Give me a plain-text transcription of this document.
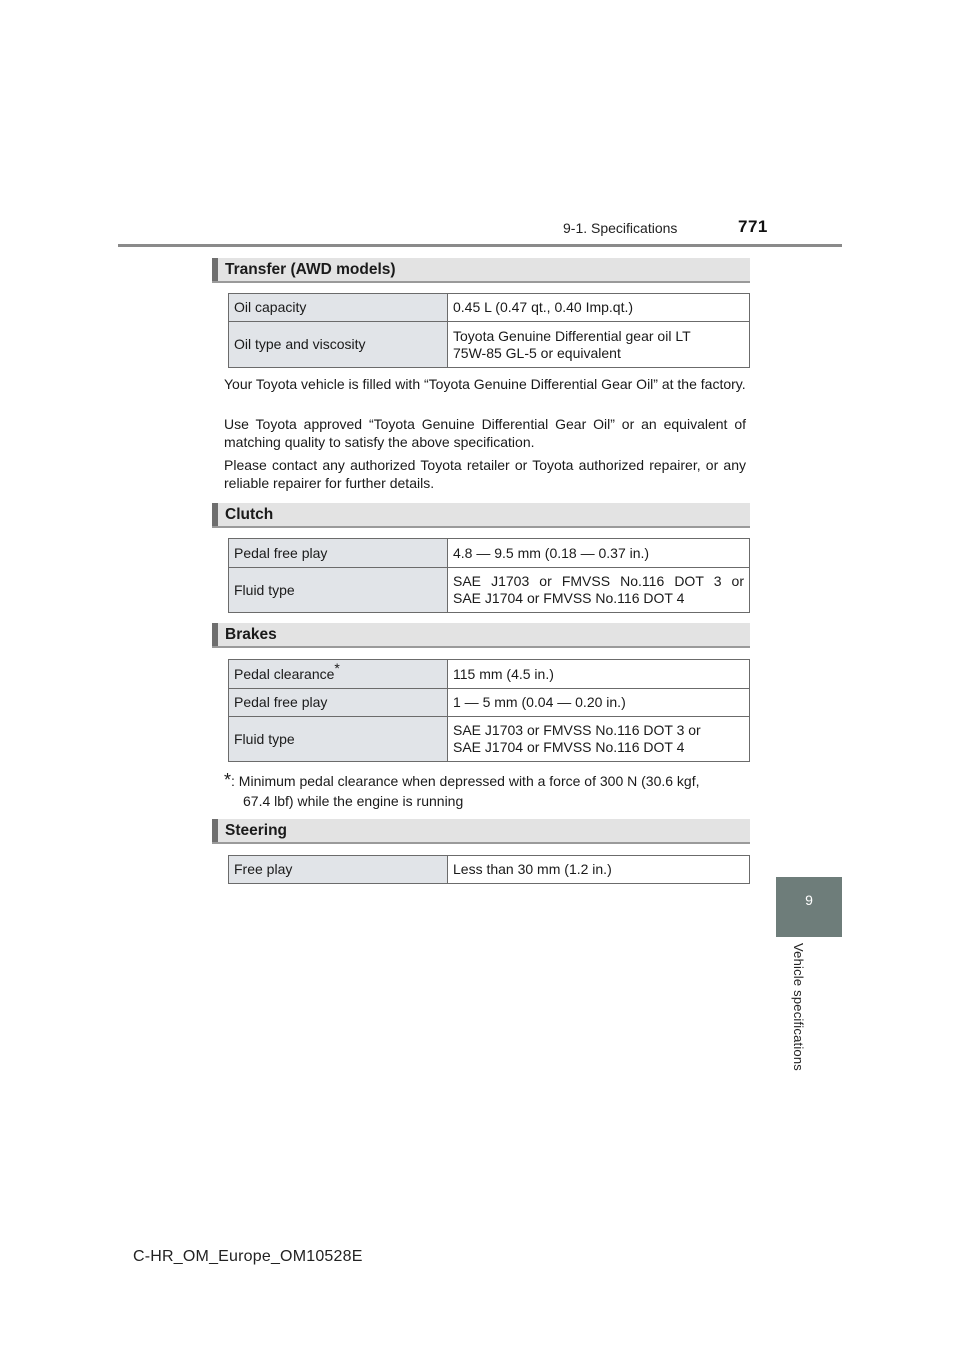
9-1. Specifications	771
9
Vehicle specifications
Transfer (AWD models)
Oil capacity	0.45 L (0.47 qt., 0.40 Imp.qt.)
Oil type and viscosity	Toyota Genuine Differential gear oil LT
75W-85 GL-5 or equivalent

Your Toyota vehicle is filled with “Toyota Genuine Differential Gear Oil” at the factory.

Use Toyota approved “Toyota Genuine Differential Gear Oil” or an equivalent of matching quality to satisfy the above specification.

Please contact any authorized Toyota retailer or Toyota authorized repairer, or any reliable repairer for further details.

Clutch
Pedal free play	4.8 — 9.5 mm (0.18 — 0.37 in.)
Fluid type	SAE J1703 or FMVSS No.116 DOT 3 or
SAE J1704 or FMVSS No.116 DOT 4
Brakes
Pedal clearance*	115 mm (4.5 in.)
Pedal free play	1 — 5 mm (0.04 — 0.20 in.)
Fluid type	SAE J1703 or FMVSS No.116 DOT 3 or
SAE J1704 or FMVSS No.116 DOT 4
*: Minimum pedal clearance when depressed with a force of 300 N (30.6 kgf,
67.4 lbf) while the engine is running
Steering
Free play	Less than 30 mm (1.2 in.)
C-HR_OM_Europe_OM10528E
